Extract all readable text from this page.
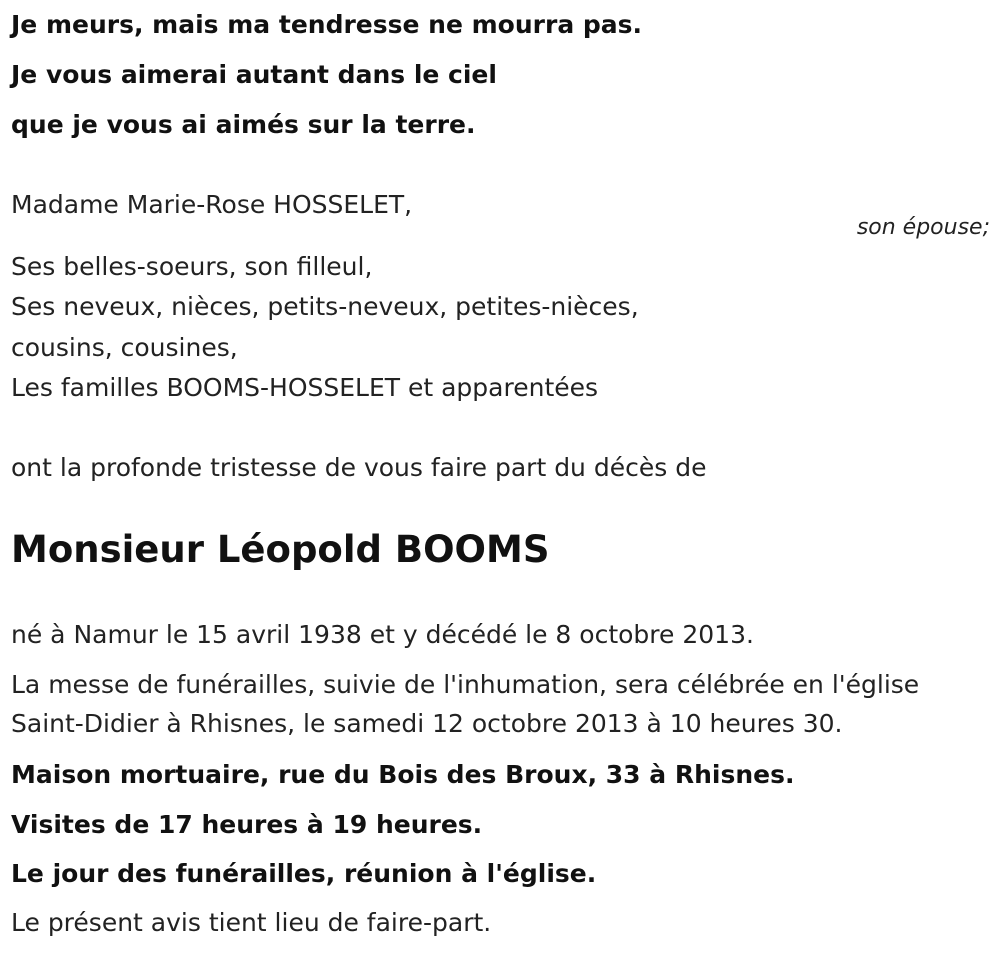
Je meurs, mais ma tendresse ne mourra pas.
Je vous aimerai autant dans le ciel
que je vous ai aimés sur la terre.
Madame Marie-Rose HOSSELET,
son épouse;
Ses belles-soeurs, son filleul,
Ses neveux, nièces, petits-neveux, petites-nièces,
cousins, cousines,
Les familles BOOMS-HOSSELET et apparentées
ont la profonde tristesse de vous faire part du décès de
Monsieur Léopold BOOMS
né à Namur le 15 avril 1938 et y décédé le 8 octobre 2013.
La messe de funérailles, suivie de l'inhumation, sera célébrée en l'église
Saint-Didier à Rhisnes, le samedi 12 octobre 2013 à 10 heures 30.
Maison mortuaire, rue du Bois des Broux, 33 à Rhisnes.
Visites de 17 heures à 19 heures.
Le jour des funérailles, réunion à l'église.
Le présent avis tient lieu de faire-part.
